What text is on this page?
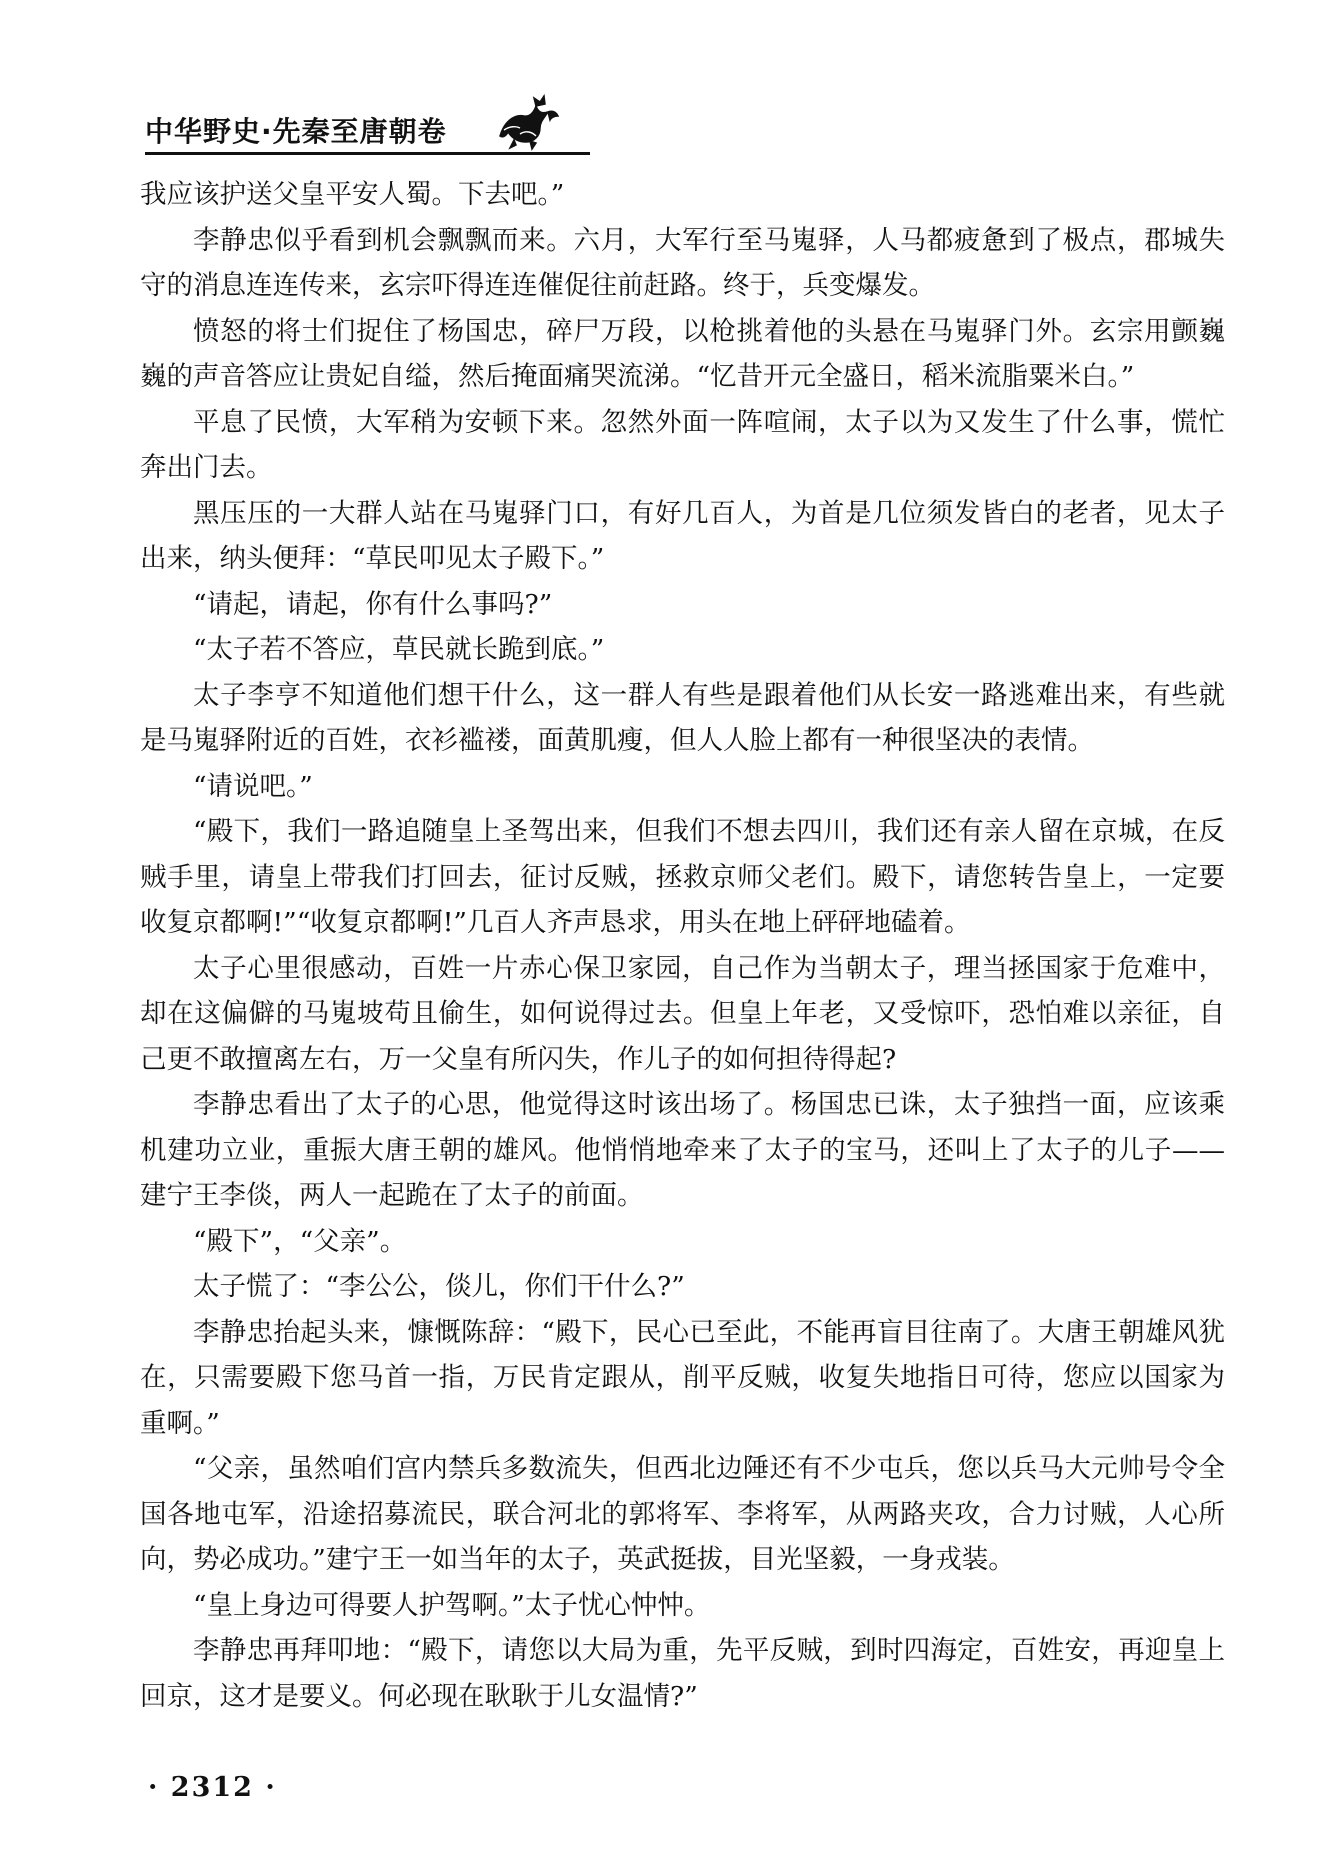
中华野史·先秦至唐朝卷

我应该护送父皇平安人蜀。下去吧。”

李静忠似乎看到机会飘飘而来。六月，大军行至马嵬驿，人马都疲惫到了极点，郡城失守的消息连连传来，玄宗吓得连连催促往前赶路。终于，兵变爆发。

愤怒的将士们捉住了杨国忠，碎尸万段，以枪挑着他的头悬在马嵬驿门外。玄宗用颤巍巍的声音答应让贵妃自缢，然后掩面痛哭流涕。“忆昔开元全盛日，稻米流脂粟米白。”

平息了民愤，大军稍为安顿下来。忽然外面一阵喧闹，太子以为又发生了什么事，慌忙奔出门去。

黑压压的一大群人站在马嵬驿门口，有好几百人，为首是几位须发皆白的老者，见太子出来，纳头便拜：“草民叩见太子殿下。”

“请起，请起，你有什么事吗?”

“太子若不答应，草民就长跪到底。”

太子李亨不知道他们想干什么，这一群人有些是跟着他们从长安一路逃难出来，有些就是马嵬驿附近的百姓，衣衫褴褛，面黄肌瘦，但人人脸上都有一种很坚决的表情。

“请说吧。”

“殿下，我们一路追随皇上圣驾出来，但我们不想去四川，我们还有亲人留在京城，在反贼手里，请皇上带我们打回去，征讨反贼，拯救京师父老们。殿下，请您转告皇上，一定要收复京都啊!”“收复京都啊!”几百人齐声恳求，用头在地上砰砰地磕着。

太子心里很感动，百姓一片赤心保卫家园，自己作为当朝太子，理当拯国家于危难中，却在这偏僻的马嵬坡苟且偷生，如何说得过去。但皇上年老，又受惊吓，恐怕难以亲征，自己更不敢擅离左右，万一父皇有所闪失，作儿子的如何担待得起?

李静忠看出了太子的心思，他觉得这时该出场了。杨国忠已诛，太子独挡一面，应该乘机建功立业，重振大唐王朝的雄风。他悄悄地牵来了太子的宝马，还叫上了太子的儿子——建宁王李倓，两人一起跪在了太子的前面。

“殿下”，“父亲”。

太子慌了：“李公公，倓儿，你们干什么?”

李静忠抬起头来，慷慨陈辞：“殿下，民心已至此，不能再盲目往南了。大唐王朝雄风犹在，只需要殿下您马首一指，万民肯定跟从，削平反贼，收复失地指日可待，您应以国家为重啊。”

“父亲，虽然咱们宫内禁兵多数流失，但西北边陲还有不少屯兵，您以兵马大元帅号令全国各地屯军，沿途招募流民，联合河北的郭将军、李将军，从两路夹攻，合力讨贼，人心所向，势必成功。”建宁王一如当年的太子，英武挺拔，目光坚毅，一身戎装。

“皇上身边可得要人护驾啊。”太子忧心忡忡。

李静忠再拜叩地：“殿下，请您以大局为重，先平反贼，到时四海定，百姓安，再迎皇上回京，这才是要义。何必现在耿耿于儿女温情?”

· 2312 ·
